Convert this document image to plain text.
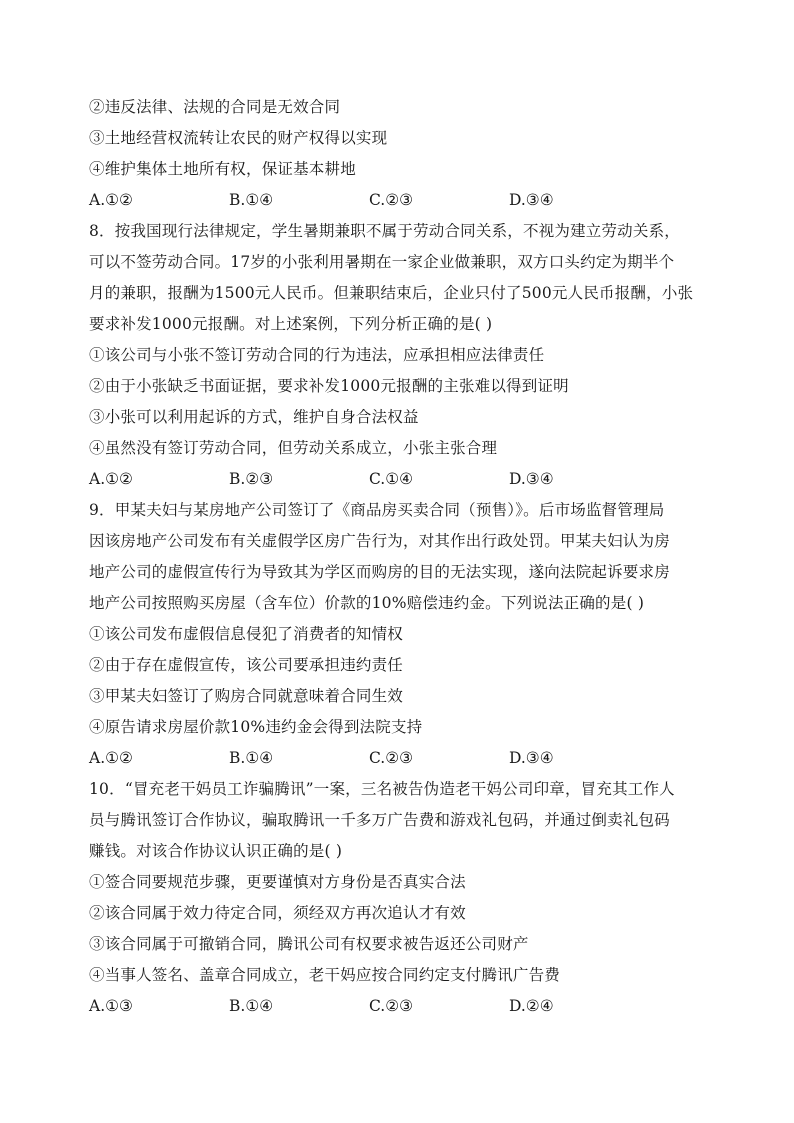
②违反法律、法规的合同是无效合同
③土地经营权流转让农民的财产权得以实现
④维护集体土地所有权，保证基本耕地
A.①②	B.①④	C.②③	D.③④
8．按我国现行法律规定，学生暑期兼职不属于劳动合同关系，不视为建立劳动关系，
可以不签劳动合同。17岁的小张利用暑期在一家企业做兼职，双方口头约定为期半个
月的兼职，报酬为1500元人民币。但兼职结束后，企业只付了500元人民币报酬，小张
要求补发1000元报酬。对上述案例，下列分析正确的是( )
①该公司与小张不签订劳动合同的行为违法，应承担相应法律责任
②由于小张缺乏书面证据，要求补发1000元报酬的主张难以得到证明
③小张可以利用起诉的方式，维护自身合法权益
④虽然没有签订劳动合同，但劳动关系成立，小张主张合理
A.①②	B.②③	C.①④	D.③④
9．甲某夫妇与某房地产公司签订了《商品房买卖合同（预售）》。后市场监督管理局
因该房地产公司发布有关虚假学区房广告行为，对其作出行政处罚。甲某夫妇认为房
地产公司的虚假宣传行为导致其为学区而购房的目的无法实现，遂向法院起诉要求房
地产公司按照购买房屋（含车位）价款的10%赔偿违约金。下列说法正确的是( )
①该公司发布虚假信息侵犯了消费者的知情权
②由于存在虚假宣传，该公司要承担违约责任
③甲某夫妇签订了购房合同就意味着合同生效
④原告请求房屋价款10%违约金会得到法院支持
A.①②	B.①④	C.②③	D.③④
10．“冒充老干妈员工诈骗腾讯”一案，三名被告伪造老干妈公司印章，冒充其工作人
员与腾讯签订合作协议，骗取腾讯一千多万广告费和游戏礼包码，并通过倒卖礼包码
赚钱。对该合作协议认识正确的是( )
①签合同要规范步骤，更要谨慎对方身份是否真实合法
②该合同属于效力待定合同，须经双方再次追认才有效
③该合同属于可撤销合同，腾讯公司有权要求被告返还公司财产
④当事人签名、盖章合同成立，老干妈应按合同约定支付腾讯广告费
A.①③	B.①④	C.②③	D.②④
